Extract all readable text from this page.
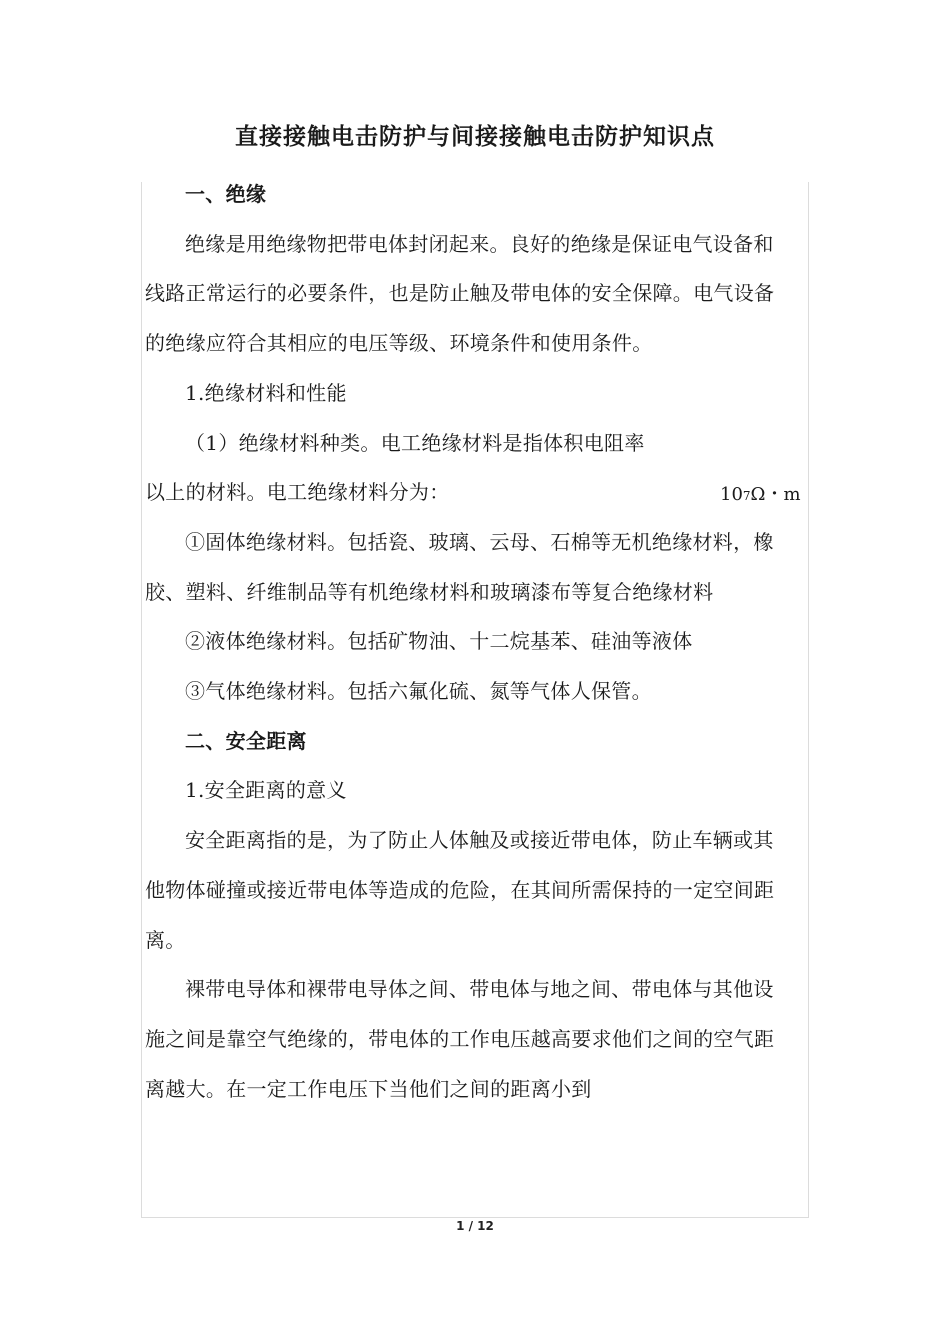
直接接触电击防护与间接接触电击防护知识点

一、绝缘

绝缘是用绝缘物把带电体封闭起来。良好的绝缘是保证电气设备和线路正常运行的必要条件，也是防止触及带电体的安全保障。电气设备的绝缘应符合其相应的电压等级、环境条件和使用条件。

1.绝缘材料和性能

（1）绝缘材料种类。电工绝缘材料是指体积电阻率　　　　　　以上的材料。电工绝缘材料分为：

①固体绝缘材料。包括瓷、玻璃、云母、石棉等无机绝缘材料，橡胶、塑料、纤维制品等有机绝缘材料和玻璃漆布等复合绝缘材料

②液体绝缘材料。包括矿物油、十二烷基苯、硅油等液体

③气体绝缘材料。包括六氟化硫、氮等气体人保管。

二、安全距离

1.安全距离的意义

安全距离指的是，为了防止人体触及或接近带电体，防止车辆或其他物体碰撞或接近带电体等造成的危险，在其间所需保持的一定空间距离。

裸带电导体和裸带电导体之间、带电体与地之间、带电体与其他设施之间是靠空气绝缘的，带电体的工作电压越高要求他们之间的空气距离越大。在一定工作电压下当他们之间的距离小到

107Ω・m
1 / 12
